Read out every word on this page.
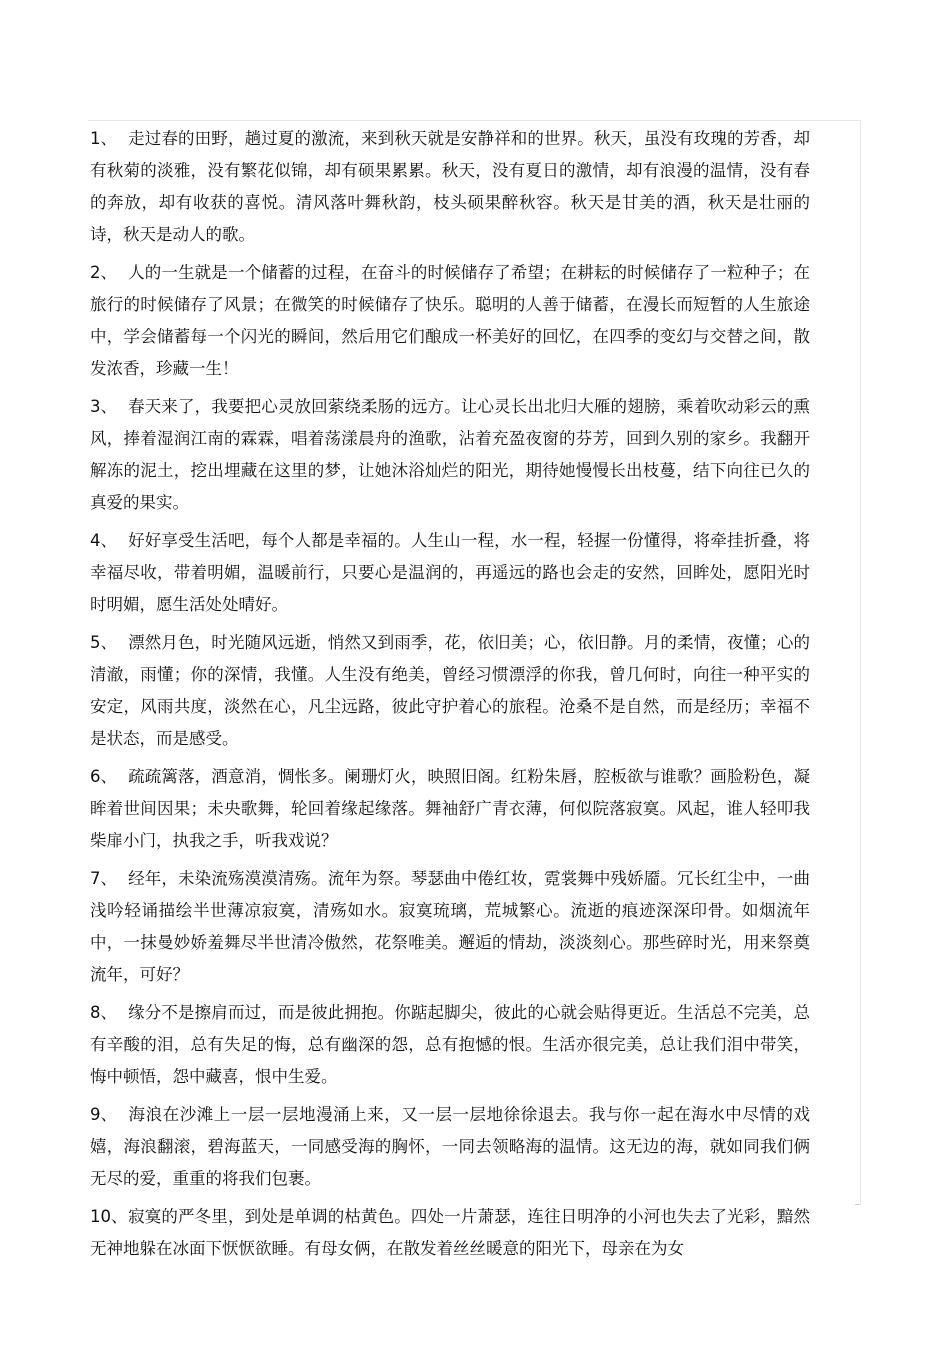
1、 走过春的田野，趟过夏的激流，来到秋天就是安静祥和的世界。秋天，虽没有玫瑰的芳香，却有秋菊的淡雅，没有繁花似锦，却有硕果累累。秋天，没有夏日的激情，却有浪漫的温情，没有春的奔放，却有收获的喜悦。清风落叶舞秋韵，枝头硕果醉秋容。秋天是甘美的酒，秋天是壮丽的诗，秋天是动人的歌。

2、 人的一生就是一个储蓄的过程，在奋斗的时候储存了希望；在耕耘的时候储存了一粒种子；在旅行的时候储存了风景；在微笑的时候储存了快乐。聪明的人善于储蓄，在漫长而短暂的人生旅途中，学会储蓄每一个闪光的瞬间，然后用它们酿成一杯美好的回忆，在四季的变幻与交替之间，散发浓香，珍藏一生！

3、 春天来了，我要把心灵放回萦绕柔肠的远方。让心灵长出北归大雁的翅膀，乘着吹动彩云的熏风，捧着湿润江南的霖霖，唱着荡漾晨舟的渔歌，沾着充盈夜窗的芬芳，回到久别的家乡。我翻开解冻的泥土，挖出埋藏在这里的梦，让她沐浴灿烂的阳光，期待她慢慢长出枝蔓，结下向往已久的真爱的果实。

4、 好好享受生活吧，每个人都是幸福的。人生山一程，水一程，轻握一份懂得，将牵挂折叠，将幸福尽收，带着明媚，温暖前行，只要心是温润的，再遥远的路也会走的安然，回眸处，愿阳光时时明媚，愿生活处处晴好。

5、 漂然月色，时光随风远逝，悄然又到雨季，花，依旧美；心，依旧静。月的柔情，夜懂；心的清澈，雨懂；你的深情，我懂。人生没有绝美，曾经习惯漂浮的你我，曾几何时，向往一种平实的安定，风雨共度，淡然在心，凡尘远路，彼此守护着心的旅程。沧桑不是自然，而是经历；幸福不是状态，而是感受。

6、 疏疏篱落，酒意消，惆怅多。阑珊灯火，映照旧阁。红粉朱唇，腔板欲与谁歌？画脸粉色，凝眸着世间因果；未央歌舞，轮回着缘起缘落。舞袖舒广青衣薄，何似院落寂寞。风起，谁人轻叩我柴扉小门，执我之手，听我戏说？

7、 经年，未染流殇漠漠清殇。流年为祭。琴瑟曲中倦红妆，霓裳舞中残娇靥。冗长红尘中，一曲浅吟轻诵描绘半世薄凉寂寞，清殇如水。寂寞琉璃，荒城繁心。流逝的痕迹深深印骨。如烟流年中，一抹曼妙娇羞舞尽半世清冷傲然，花祭唯美。邂逅的情劫，淡淡刻心。那些碎时光，用来祭奠流年，可好？

8、 缘分不是擦肩而过，而是彼此拥抱。你踮起脚尖，彼此的心就会贴得更近。生活总不完美，总有辛酸的泪，总有失足的悔，总有幽深的怨，总有抱憾的恨。生活亦很完美，总让我们泪中带笑，悔中顿悟，怨中藏喜，恨中生爱。

9、 海浪在沙滩上一层一层地漫涌上来，又一层一层地徐徐退去。我与你一起在海水中尽情的戏嬉，海浪翻滚，碧海蓝天，一同感受海的胸怀，一同去领略海的温情。这无边的海，就如同我们俩无尽的爱，重重的将我们包裹。

10、寂寞的严冬里，到处是单调的枯黄色。四处一片萧瑟，连往日明净的小河也失去了光彩，黯然无神地躲在冰面下恹恹欲睡。有母女俩，在散发着丝丝暖意的阳光下，母亲在为女
